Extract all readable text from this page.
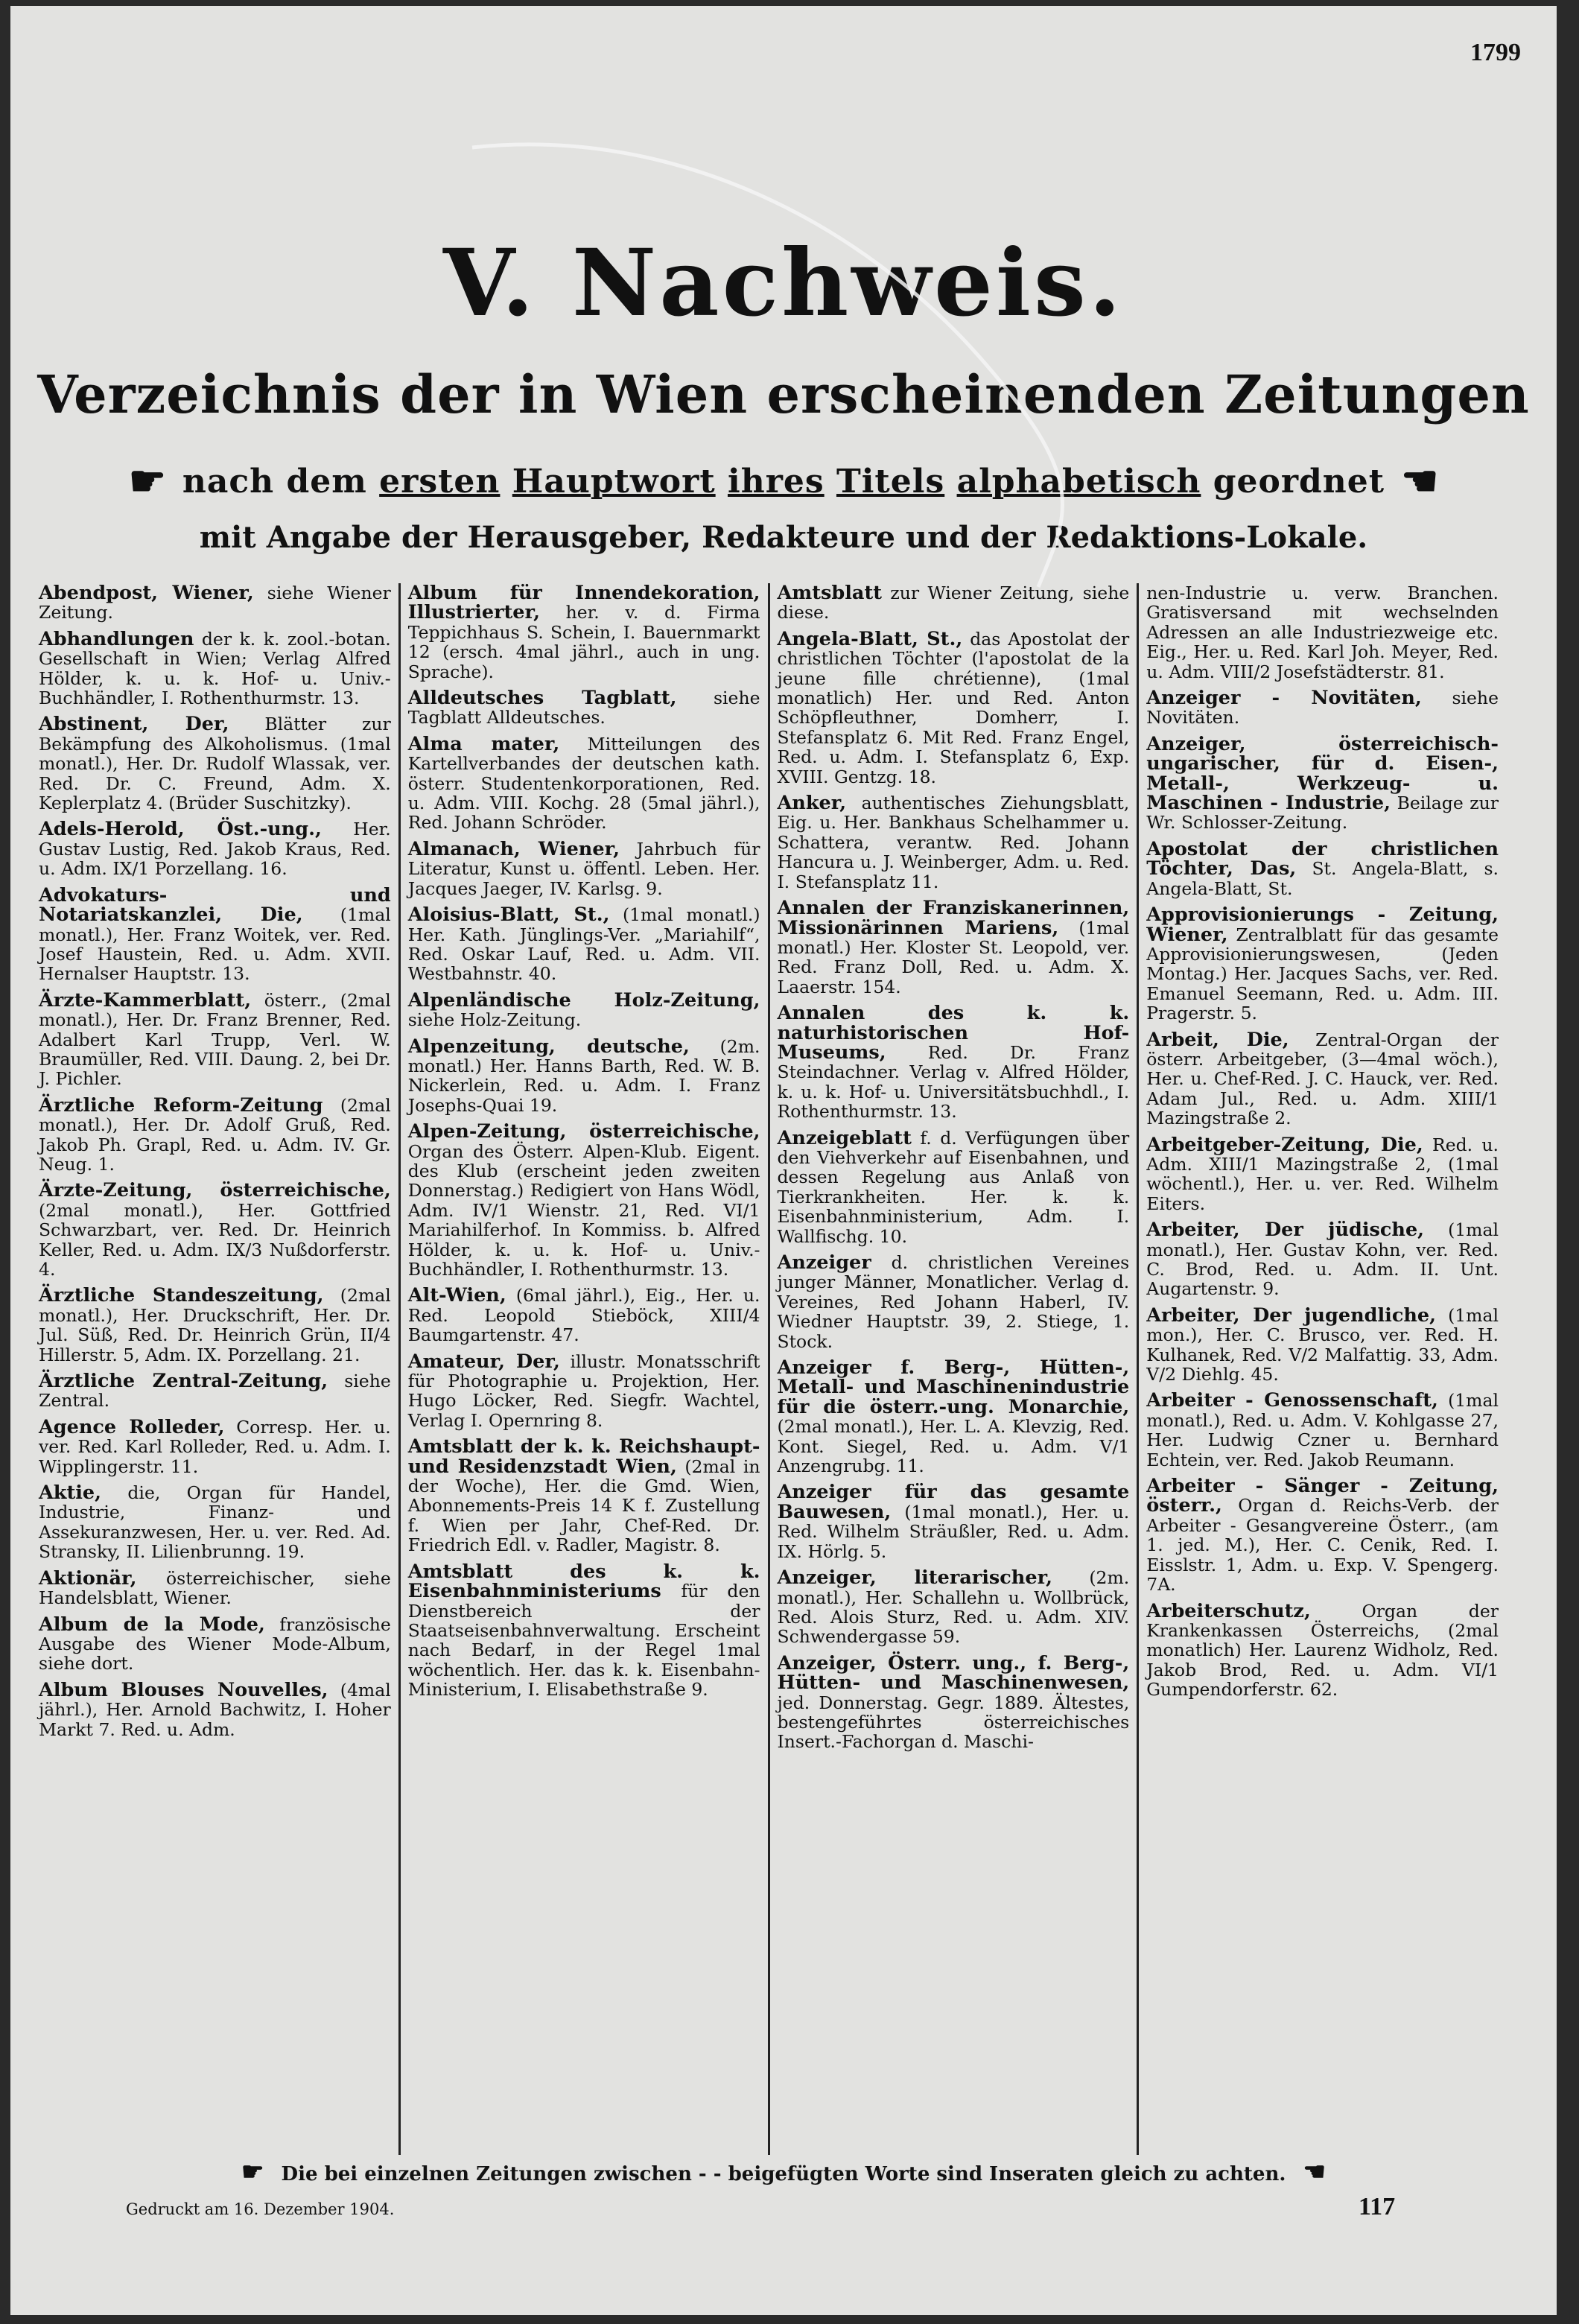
1799
V. Nachweis.
Verzeichnis der in Wien erscheinenden Zeitungen
☛ nach dem ersten Hauptwort ihres Titels alphabetisch geordnet ☚
mit Angabe der Herausgeber, Redakteure und der Redaktions-Lokale.
Abendpost, Wiener, siehe Wiener Zeitung.
Abhandlungen der k. k. zool.-botan. Gesellschaft in Wien; Verlag Alfred Hölder, k. u. k. Hof- u. Univ.-Buchhändler, I. Rothenthurmstr. 13.
Abstinent, Der, Blätter zur Bekämpfung des Alkoholismus. (1mal monatl.), Her. Dr. Rudolf Wlassak, ver. Red. Dr. C. Freund, Adm. X. Keplerplatz 4. (Brüder Suschitzky).
Adels-Herold, Öst.-ung., Her. Gustav Lustig, Red. Jakob Kraus, Red. u. Adm. IX/1 Porzellang. 16.
Advokaturs- und Notariatskanzlei, Die, (1mal monatl.), Her. Franz Woitek, ver. Red. Josef Haustein, Red. u. Adm. XVII. Hernalser Hauptstr. 13.
Ärzte-Kammerblatt, österr., (2mal monatl.), Her. Dr. Franz Brenner, Red. Adalbert Karl Trupp, Verl. W. Braumüller, Red. VIII. Daung. 2, bei Dr. J. Pichler.
Ärztliche Reform-Zeitung (2mal monatl.), Her. Dr. Adolf Gruß, Red. Jakob Ph. Grapl, Red. u. Adm. IV. Gr. Neug. 1.
Ärzte-Zeitung, österreichische, (2mal monatl.), Her. Gottfried Schwarzbart, ver. Red. Dr. Heinrich Keller, Red. u. Adm. IX/3 Nußdorferstr. 4.
Ärztliche Standeszeitung, (2mal monatl.), Her. Druckschrift, Her. Dr. Jul. Süß, Red. Dr. Heinrich Grün, II/4 Hillerstr. 5, Adm. IX. Porzellang. 21.
Ärztliche Zentral-Zeitung, siehe Zentral.
Agence Rolleder, Corresp. Her. u. ver. Red. Karl Rolleder, Red. u. Adm. I. Wipplingerstr. 11.
Aktie, die, Organ für Handel, Industrie, Finanz- und Assekuranzwesen, Her. u. ver. Red. Ad. Stransky, II. Lilienbrunng. 19.
Aktionär, österreichischer, siehe Handelsblatt, Wiener.
Album de la Mode, französische Ausgabe des Wiener Mode-Album, siehe dort.
Album Blouses Nouvelles, (4mal jährl.), Her. Arnold Bachwitz, I. Hoher Markt 7. Red. u. Adm.
Album für Innendekoration, Illustrierter, her. v. d. Firma Teppichhaus S. Schein, I. Bauernmarkt 12 (ersch. 4mal jährl., auch in ung. Sprache).
Alldeutsches Tagblatt, siehe Tagblatt Alldeutsches.
Alma mater, Mitteilungen des Kartellverbandes der deutschen kath. österr. Studentenkorporationen, Red. u. Adm. VIII. Kochg. 28 (5mal jährl.), Red. Johann Schröder.
Almanach, Wiener, Jahrbuch für Literatur, Kunst u. öffentl. Leben. Her. Jacques Jaeger, IV. Karlsg. 9.
Aloisius-Blatt, St., (1mal monatl.) Her. Kath. Jünglings-Ver. „Mariahilf“, Red. Oskar Lauf, Red. u. Adm. VII. Westbahnstr. 40.
Alpenländische Holz-Zeitung, siehe Holz-Zeitung.
Alpenzeitung, deutsche, (2m. monatl.) Her. Hanns Barth, Red. W. B. Nickerlein, Red. u. Adm. I. Franz Josephs-Quai 19.
Alpen-Zeitung, österreichische, Organ des Österr. Alpen-Klub. Eigent. des Klub (erscheint jeden zweiten Donnerstag.) Redigiert von Hans Wödl, Adm. IV/1 Wienstr. 21, Red. VI/1 Mariahilferhof. In Kommiss. b. Alfred Hölder, k. u. k. Hof- u. Univ.-Buchhändler, I. Rothenthurmstr. 13.
Alt-Wien, (6mal jährl.), Eig., Her. u. Red. Leopold Stieböck, XIII/4 Baumgartenstr. 47.
Amateur, Der, illustr. Monatsschrift für Photographie u. Projektion, Her. Hugo Löcker, Red. Siegfr. Wachtel, Verlag I. Opernring 8.
Amtsblatt der k. k. Reichshaupt- und Residenzstadt Wien, (2mal in der Woche), Her. die Gmd. Wien, Abonnements-Preis 14 K f. Zustellung f. Wien per Jahr, Chef-Red. Dr. Friedrich Edl. v. Radler, Magistr. 8.
Amtsblatt des k. k. Eisenbahnministeriums für den Dienstbereich der Staatseisenbahnverwaltung. Erscheint nach Bedarf, in der Regel 1mal wöchentlich. Her. das k. k. Eisenbahn-Ministerium, I. Elisabethstraße 9.
Amtsblatt zur Wiener Zeitung, siehe diese.
Angela-Blatt, St., das Apostolat der christlichen Töchter (l'apostolat de la jeune fille chrétienne), (1mal monatlich) Her. und Red. Anton Schöpfleuthner, Domherr, I. Stefansplatz 6. Mit Red. Franz Engel, Red. u. Adm. I. Stefansplatz 6, Exp. XVIII. Gentzg. 18.
Anker, authentisches Ziehungsblatt, Eig. u. Her. Bankhaus Schelhammer u. Schattera, verantw. Red. Johann Hancura u. J. Weinberger, Adm. u. Red. I. Stefansplatz 11.
Annalen der Franziskanerinnen, Missionärinnen Mariens, (1mal monatl.) Her. Kloster St. Leopold, ver. Red. Franz Doll, Red. u. Adm. X. Laaerstr. 154.
Annalen des k. k. naturhistorischen Hof-Museums, Red. Dr. Franz Steindachner. Verlag v. Alfred Hölder, k. u. k. Hof- u. Universitätsbuchhdl., I. Rothenthurmstr. 13.
Anzeigeblatt f. d. Verfügungen über den Viehverkehr auf Eisenbahnen, und dessen Regelung aus Anlaß von Tierkrankheiten. Her. k. k. Eisenbahnministerium, Adm. I. Wallfischg. 10.
Anzeiger d. christlichen Vereines junger Männer, Monatlicher. Verlag d. Vereines, Red Johann Haberl, IV. Wiedner Hauptstr. 39, 2. Stiege, 1. Stock.
Anzeiger f. Berg-, Hütten-, Metall- und Maschinenindustrie für die österr.-ung. Monarchie, (2mal monatl.), Her. L. A. Klevzig, Red. Kont. Siegel, Red. u. Adm. V/1 Anzengrubg. 11.
Anzeiger für das gesamte Bauwesen, (1mal monatl.), Her. u. Red. Wilhelm Sträußler, Red. u. Adm. IX. Hörlg. 5.
Anzeiger, literarischer, (2m. monatl.), Her. Schallehn u. Wollbrück, Red. Alois Sturz, Red. u. Adm. XIV. Schwendergasse 59.
Anzeiger, Österr. ung., f. Berg-, Hütten- und Maschinenwesen, jed. Donnerstag. Gegr. 1889. Ältestes, bestengeführtes österreichisches Insert.-Fachorgan d. Maschi-
nen-Industrie u. verw. Branchen. Gratisversand mit wechselnden Adressen an alle Industriezweige etc. Eig., Her. u. Red. Karl Joh. Meyer, Red. u. Adm. VIII/2 Josefstädterstr. 81.
Anzeiger - Novitäten, siehe Novitäten.
Anzeiger, österreichisch-ungarischer, für d. Eisen-, Metall-, Werkzeug- u. Maschinen - Industrie, Beilage zur Wr. Schlosser-Zeitung.
Apostolat der christlichen Töchter, Das, St. Angela-Blatt, s. Angela-Blatt, St.
Approvisionierungs - Zeitung, Wiener, Zentralblatt für das gesamte Approvisionierungswesen, (Jeden Montag.) Her. Jacques Sachs, ver. Red. Emanuel Seemann, Red. u. Adm. III. Pragerstr. 5.
Arbeit, Die, Zentral-Organ der österr. Arbeitgeber, (3—4mal wöch.), Her. u. Chef-Red. J. C. Hauck, ver. Red. Adam Jul., Red. u. Adm. XIII/1 Mazingstraße 2.
Arbeitgeber-Zeitung, Die, Red. u. Adm. XIII/1 Mazingstraße 2, (1mal wöchentl.), Her. u. ver. Red. Wilhelm Eiters.
Arbeiter, Der jüdische, (1mal monatl.), Her. Gustav Kohn, ver. Red. C. Brod, Red. u. Adm. II. Unt. Augartenstr. 9.
Arbeiter, Der jugendliche, (1mal mon.), Her. C. Brusco, ver. Red. H. Kulhanek, Red. V/2 Malfattig. 33, Adm. V/2 Diehlg. 45.
Arbeiter - Genossenschaft, (1mal monatl.), Red. u. Adm. V. Kohlgasse 27, Her. Ludwig Czner u. Bernhard Echtein, ver. Red. Jakob Reumann.
Arbeiter - Sänger - Zeitung, österr., Organ d. Reichs-Verb. der Arbeiter - Gesangvereine Österr., (am 1. jed. M.), Her. C. Cenik, Red. I. Eisslstr. 1, Adm. u. Exp. V. Spengerg. 7A.
Arbeiterschutz,	Organ der Krankenkassen Österreichs, (2mal monatlich) Her. Laurenz Widholz, Red. Jakob Brod, Red. u. Adm. VI/1 Gumpendorferstr. 62.
☛ Die bei einzelnen Zeitungen zwischen - - beigefügten Worte sind Inseraten gleich zu achten. ☚
Gedruckt am 16. Dezember 1904.	117
